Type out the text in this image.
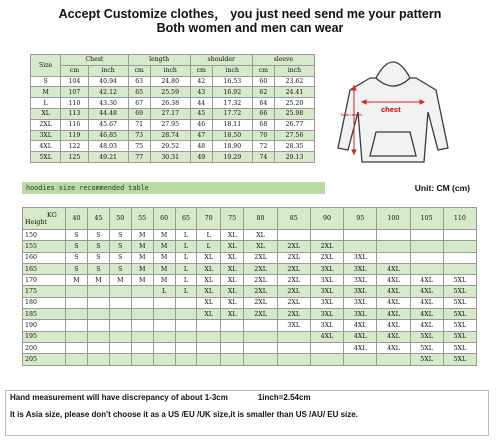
Accept Customize clothes， you just need send me your pattern
Both women and men can wear
Size	Chest		length		shoulder		sleeve	
	cm	inch	cm	inch	cm	inch	cm	inch
S	104	40.94	63	24.80	42	16.53	60	23.62
M	107	42.12	65	25.59	43	16.92	62	24.41
L	110	43.30	67	26.38	44	17.32	64	25.20
XL	113	44.48	69	27.17	45	17.72	66	25.98
2XL	116	45.67	71	27.95	46	18.11	68	26.77
3XL	119	46.85	73	28.74	47	18.50	70	27.56
4XL	122	48.03	75	29.52	48	18.90	72	28.35
5XL	125	49.21	77	30.31	49	19.29	74	29.13
chest
Total Length
hoodies size recommended table	Unit: CM (cm)
KG
Height	40	45	50	55	60	65	70	75	80	85	90	95	100	105	110
150	S	S	S	M	M	L	L	XL	XL						
155	S	S	S	M	M	L	L	XL	XL	2XL	2XL				
160	S	S	S	M	M	L	XL	XL	2XL	2XL	2XL	3XL			
165	S	S	S	M	M	L	XL	XL	2XL	2XL	3XL	3XL	4XL		
170	M	M	M	M	M	L	XL	XL	2XL	2XL	3XL	3XL	4XL	4XL	5XL
175					L	L	XL	XL	2XL	2XL	3XL	3XL	4XL	4XL	5XL
180							XL	XL	2XL	2XL	3XL	3XL	4XL	4XL	5XL
185							XL	XL	2XL	2XL	3XL	3XL	4XL	4XL	5XL
190										3XL	3XL	4XL	4XL	4XL	5XL
195											4XL	4XL	4XL	5XL	5XL
200												4XL	4XL	5XL	5XL
205														5XL	5XL
Hand measurement will have discrepancy of about 1-3cm	1inch=2.54cm
It is Asia size, please don't choose it as a US /EU /UK size,it is smaller than US /AU/ EU size.
